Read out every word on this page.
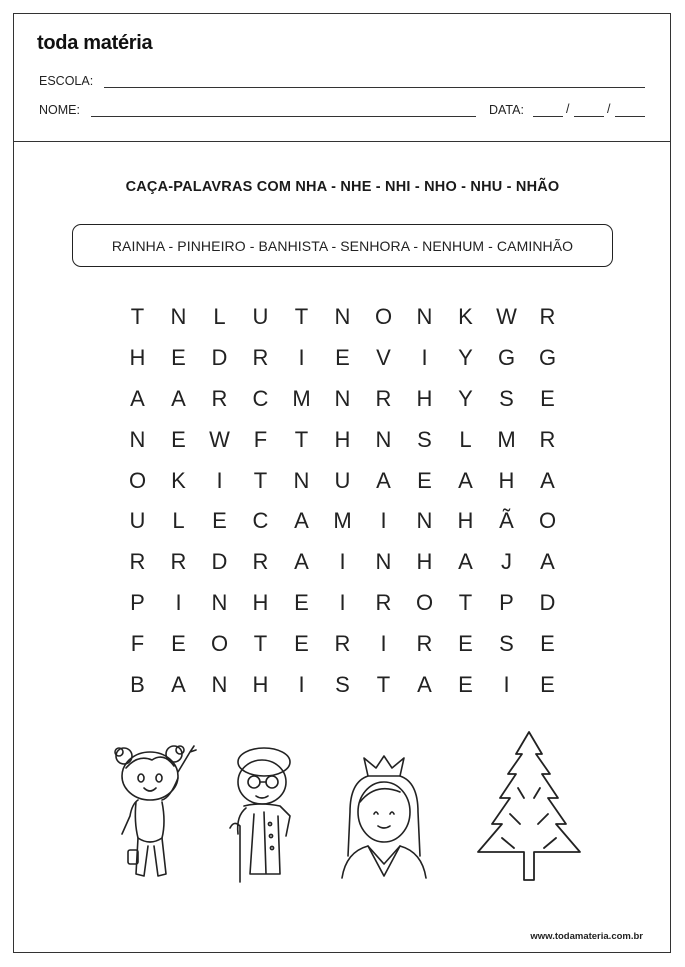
toda matéria
ESCOLA:
NOME:	DATA:	/	/
CAÇA-PALAVRAS COM NHA - NHE - NHI - NHO - NHU - NHÃO
RAINHA - PINHEIRO - BANHISTA - SENHORA - NENHUM - CAMINHÃO
T	N	L	U	T	N	O	N	K	W	R
H	E	D	R	I	E	V	I	Y	G	G
A	A	R	C	M	N	R	H	Y	S	E
N	E	W	F	T	H	N	S	L	M	R
O	K	I	T	N	U	A	E	A	H	A
U	L	E	C	A	M	I	N	H	Ã	O
R	R	D	R	A	I	N	H	A	J	A
P	I	N	H	E	I	R	O	T	P	D
F	E	O	T	E	R	I	R	E	S	E
B	A	N	H	I	S	T	A	E	I	E
www.todamateria.com.br
